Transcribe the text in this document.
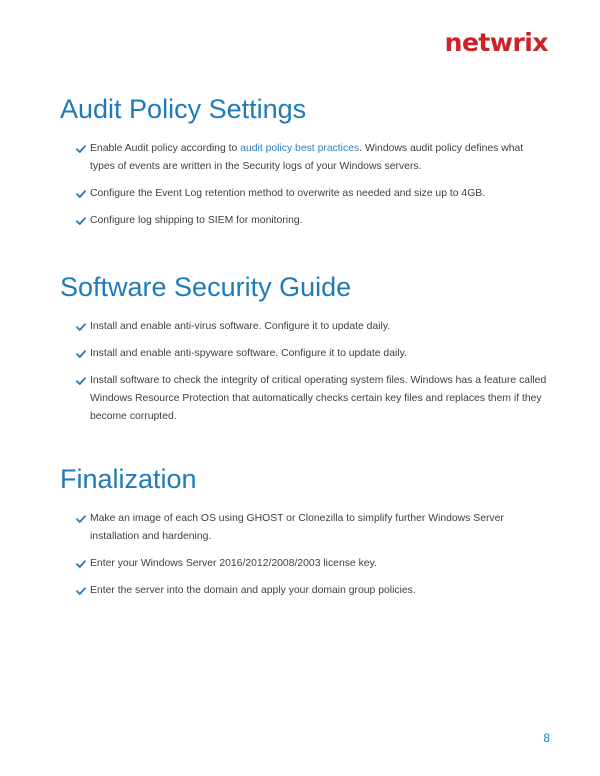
netwrix
Audit Policy Settings
Enable Audit policy according to audit policy best practices. Windows audit policy defines what types of events are written in the Security logs of your Windows servers.
Configure the Event Log retention method to overwrite as needed and size up to 4GB.
Configure log shipping to SIEM for monitoring.
Software Security Guide
Install and enable anti-virus software. Configure it to update daily.
Install and enable anti-spyware software. Configure it to update daily.
Install software to check the integrity of critical operating system files. Windows has a feature called Windows Resource Protection that automatically checks certain key files and replaces them if they become corrupted.
Finalization
Make an image of each OS using GHOST or Clonezilla to simplify further Windows Server installation and hardening.
Enter your Windows Server 2016/2012/2008/2003 license key.
Enter the server into the domain and apply your domain group policies.
8
